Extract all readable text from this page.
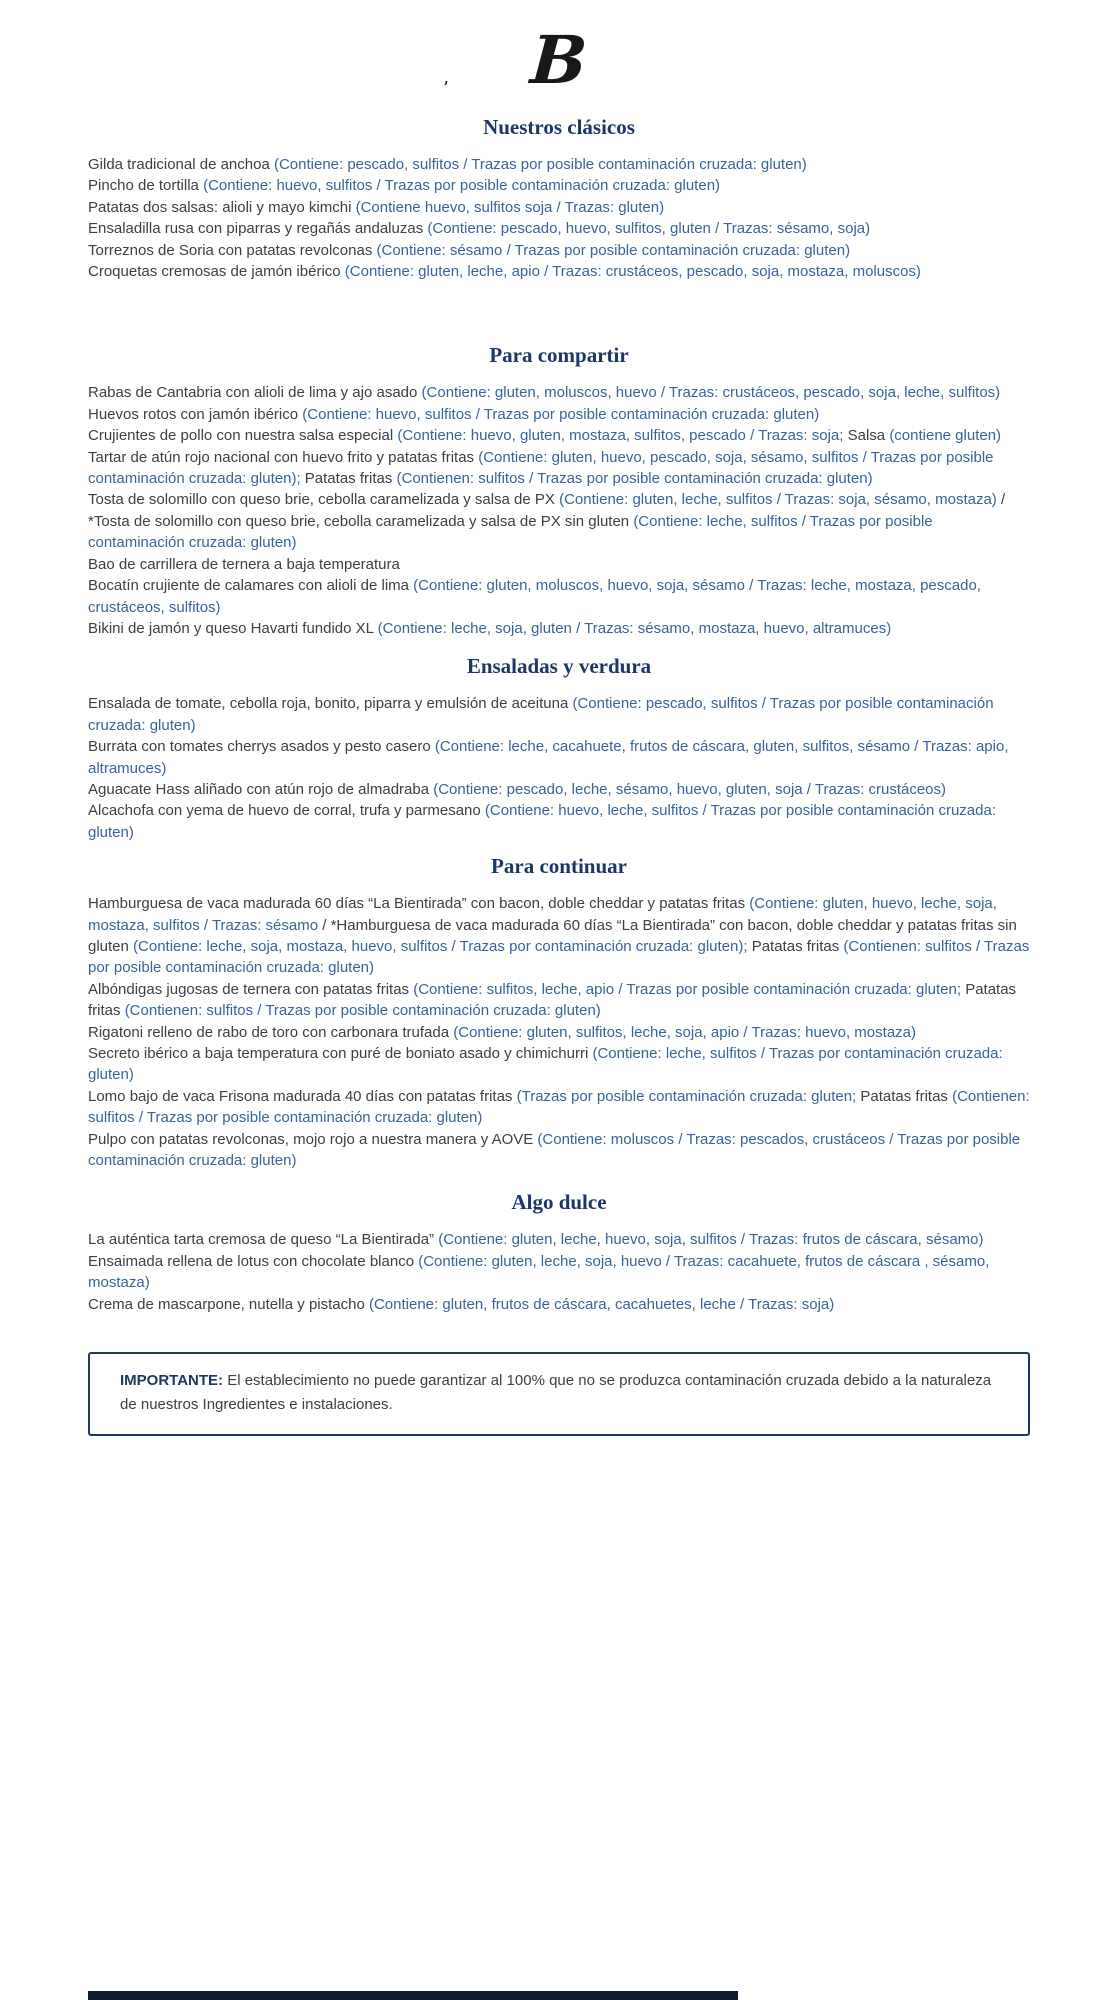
’ B
Nuestros clásicos

Gilda tradicional de anchoa (Contiene: pescado, sulfitos / Trazas por posible contaminación cruzada: gluten)

Pincho de tortilla (Contiene: huevo, sulfitos / Trazas por posible contaminación cruzada: gluten)

Patatas dos salsas: alioli y mayo kimchi (Contiene huevo, sulfitos soja / Trazas: gluten)

Ensaladilla rusa con piparras y regañás andaluzas (Contiene: pescado, huevo, sulfitos, gluten / Trazas: sésamo, soja)

Torreznos de Soria con patatas revolconas (Contiene: sésamo / Trazas por posible contaminación cruzada: gluten)

Croquetas cremosas de jamón ibérico (Contiene: gluten, leche, apio / Trazas: crustáceos, pescado, soja, mostaza, moluscos)

Para compartir

Rabas de Cantabria con alioli de lima y ajo asado (Contiene: gluten, moluscos, huevo / Trazas: crustáceos, pescado, soja, leche, sulfitos)

Huevos rotos con jamón ibérico (Contiene: huevo, sulfitos / Trazas por posible contaminación cruzada: gluten)

Crujientes de pollo con nuestra salsa especial (Contiene: huevo, gluten, mostaza, sulfitos, pescado / Trazas: soja; Salsa (contiene gluten)

Tartar de atún rojo nacional con huevo frito y patatas fritas (Contiene: gluten, huevo, pescado, soja, sésamo, sulfitos / Trazas por posible contaminación cruzada: gluten); Patatas fritas (Contienen: sulfitos / Trazas por posible contaminación cruzada: gluten)

Tosta de solomillo con queso brie, cebolla caramelizada y salsa de PX (Contiene: gluten, leche, sulfitos / Trazas: soja, sésamo, mostaza) / *Tosta de solomillo con queso brie, cebolla caramelizada y salsa de PX sin gluten (Contiene: leche, sulfitos / Trazas por posible contaminación cruzada: gluten)

Bao de carrillera de ternera a baja temperatura

Bocatín crujiente de calamares con alioli de lima (Contiene: gluten, moluscos, huevo, soja, sésamo / Trazas: leche, mostaza, pescado, crustáceos, sulfitos)

Bikini de jamón y queso Havarti fundido XL (Contiene: leche, soja, gluten / Trazas: sésamo, mostaza, huevo, altramuces)

Ensaladas y verdura

Ensalada de tomate, cebolla roja, bonito, piparra y emulsión de aceituna (Contiene: pescado, sulfitos / Trazas por posible contaminación cruzada: gluten)

Burrata con tomates cherrys asados y pesto casero (Contiene: leche, cacahuete, frutos de cáscara, gluten, sulfitos, sésamo / Trazas: apio, altramuces)

Aguacate Hass aliñado con atún rojo de almadraba (Contiene: pescado, leche, sésamo, huevo, gluten, soja / Trazas: crustáceos)

Alcachofa con yema de huevo de corral, trufa y parmesano (Contiene: huevo, leche, sulfitos / Trazas por posible contaminación cruzada: gluten)

Para continuar

Hamburguesa de vaca madurada 60 días “La Bientirada” con bacon, doble cheddar y patatas fritas (Contiene: gluten, huevo, leche, soja, mostaza, sulfitos / Trazas: sésamo / *Hamburguesa de vaca madurada 60 días “La Bientirada” con bacon, doble cheddar y patatas fritas sin gluten (Contiene: leche, soja, mostaza, huevo, sulfitos / Trazas por contaminación cruzada: gluten); Patatas fritas (Contienen: sulfitos / Trazas por posible contaminación cruzada: gluten)

Albóndigas jugosas de ternera con patatas fritas (Contiene: sulfitos, leche, apio / Trazas por posible contaminación cruzada: gluten; Patatas fritas (Contienen: sulfitos / Trazas por posible contaminación cruzada: gluten)

Rigatoni relleno de rabo de toro con carbonara trufada (Contiene: gluten, sulfitos, leche, soja, apio / Trazas: huevo, mostaza)

Secreto ibérico a baja temperatura con puré de boniato asado y chimichurri (Contiene: leche, sulfitos / Trazas por contaminación cruzada: gluten)

Lomo bajo de vaca Frisona madurada 40 días con patatas fritas (Trazas por posible contaminación cruzada: gluten; Patatas fritas (Contienen: sulfitos / Trazas por posible contaminación cruzada: gluten)

Pulpo con patatas revolconas, mojo rojo a nuestra manera y AOVE (Contiene: moluscos / Trazas: pescados, crustáceos / Trazas por posible contaminación cruzada: gluten)

Algo dulce

La auténtica tarta cremosa de queso “La Bientirada” (Contiene: gluten, leche, huevo, soja, sulfitos / Trazas: frutos de cáscara, sésamo)

Ensaimada rellena de lotus con chocolate blanco (Contiene: gluten, leche, soja, huevo / Trazas: cacahuete, frutos de cáscara , sésamo, mostaza)

Crema de mascarpone, nutella y pistacho (Contiene: gluten, frutos de cáscara, cacahuetes, leche / Trazas: soja)

IMPORTANTE: El establecimiento no puede garantizar al 100% que no se produzca contaminación cruzada debido a la naturaleza de nuestros Ingredientes e instalaciones.
